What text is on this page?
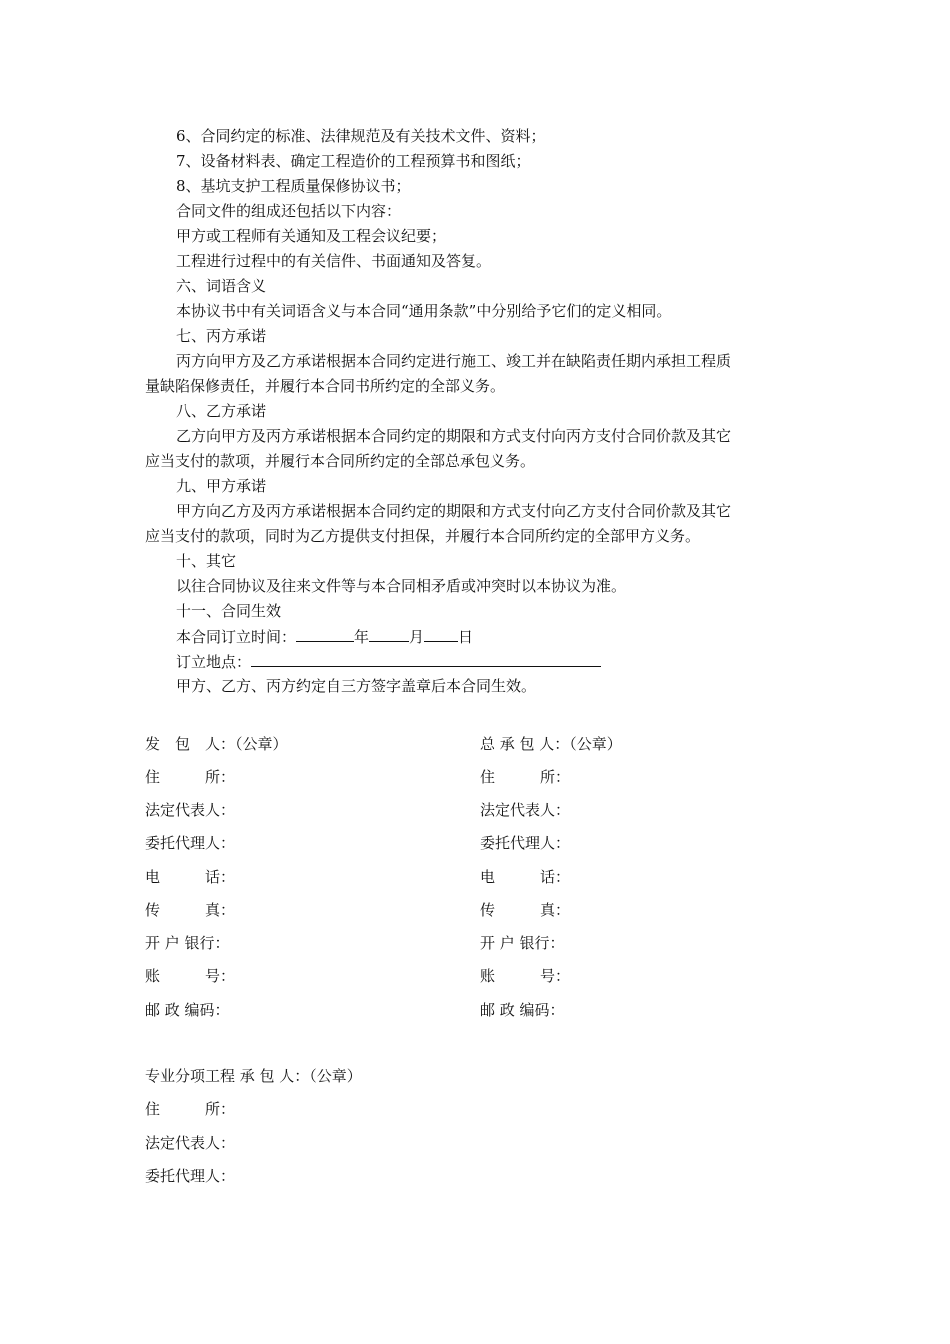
6、合同约定的标准、法律规范及有关技术文件、资料；
7、设备材料表、确定工程造价的工程预算书和图纸；
8、基坑支护工程质量保修协议书；
合同文件的组成还包括以下内容：
甲方或工程师有关通知及工程会议纪要；
工程进行过程中的有关信件、书面通知及答复。
六、词语含义
本协议书中有关词语含义与本合同“通用条款”中分别给予它们的定义相同。
七、丙方承诺
丙方向甲方及乙方承诺根据本合同约定进行施工、竣工并在缺陷责任期内承担工程质
量缺陷保修责任，并履行本合同书所约定的全部义务。
八、乙方承诺
乙方向甲方及丙方承诺根据本合同约定的期限和方式支付向丙方支付合同价款及其它
应当支付的款项，并履行本合同所约定的全部总承包义务。
九、甲方承诺
甲方向乙方及丙方承诺根据本合同约定的期限和方式支付向乙方支付合同价款及其它
应当支付的款项，同时为乙方提供支付担保，并履行本合同所约定的全部甲方义务。
十、其它
以往合同协议及往来文件等与本合同相矛盾或冲突时以本协议为准。
十一、合同生效
本合同订立时间：	年	月 日
订立地点：
甲方、乙方、丙方约定自三方签字盖章后本合同生效。
发　包　人：（公章）
住　　　所：
法定代表人：
委托代理人：
电　　　话：
传　　　真：
开 户 银行：
账　　　号：
邮 政 编码：
总 承 包 人：（公章）
住　　　所：
法定代表人：
委托代理人：
电　　　话：
传　　　真：
开 户 银行：
账　　　号：
邮 政 编码：
专业分项工程 承 包 人：（公章）
住　　　所：
法定代表人：
委托代理人：
